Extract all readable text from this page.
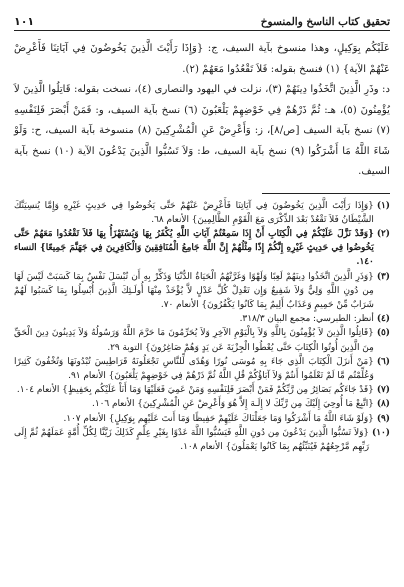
تحقيق كتاب الناسخ والمنسوخ
١٠١

عَلَيْكُم بِوَكِيلٍ، وهذا منسوخ بآية السيف، ج: {وَإِذَا رَأَيْتَ الَّذِينَ يَخُوضُونَ فِي آيَاتِنَا فَأَعْرِضْ عَنْهُمْ الآية} (١) فنسخ بقوله: فَلاَ تَقْعُدُوا مَعَهُمْ (٢).

د: وذَرِ الَّذِينَ اتَّخَذُوا دِينَهُمْ (٣)، نزلت في اليهود والنصارى (٤)، نسخت بقوله: قَاتِلُوا الَّذِينَ لاَ يُؤْمِنُونَ (٥)، هـ: ثُمَّ ذَرْهُمْ فِي خَوْضِهِمْ يَلْعَبُونَ (٦) نسخ بآية السيف، و: فَمَنْ أَبْصَرَ فَلِنَفْسِهِ (٧) نسخ بآية السيف [ص/٨]، ز: وَأَعْرِضْ عَنِ الْمُشْرِكِينَ (٨) منسوخة بآية السيف، ح: وَلَوْ شَاءَ اللَّهُ مَا أَشْرَكُوا (٩) نسخ بآية السيف، ط: وَلاَ تَسُبُّوا الَّذِينَ يَدْعُونَ الآية (١٠) نسخ بآية السيف.

(١)
{وَإِذَا رَأَيْتَ الَّذِينَ يَخُوضُونَ فِي آيَاتِنَا فَأَعْرِضْ عَنْهُمْ حَتَّى يَخُوضُوا فِي حَدِيثٍ غَيْرِهِ وَإِمَّا يُنسِيَنَّكَ الشَّيْطَانُ فَلاَ تَقْعُدْ بَعْدَ الذِّكْرَى مَعَ الْقَوْمِ الظَّالِمِينَ} الأنعام ٦٨.
(٢)
{وَقَدْ نَزَّلَ عَلَيْكُمْ فِي الْكِتَابِ أَنْ إِذَا سَمِعْتُمْ آيَاتِ اللَّهِ يُكْفَرُ بِهَا وَيُسْتَهْزَأُ بِهَا فَلاَ تَقْعُدُوا مَعَهُمْ حَتَّى يَخُوضُوا فِي حَدِيثٍ غَيْرِهِ إِنَّكُمْ إِذًا مِثْلُهُمْ إِنَّ اللَّهَ جَامِعُ الْمُنَافِقِينَ وَالْكَافِرِينَ فِي جَهَنَّمَ جَمِيعًا} النساء ١٤٠.
(٣)
{وَذَرِ الَّذِينَ اتَّخَذُوا دِينَهُمْ لَعِبًا وَلَهْوًا وَغَرَّتْهُمُ الْحَيَاةُ الدُّنْيَا وَذَكِّرْ بِهِ أَن تُبْسَلَ نَفْسٌ بِمَا كَسَبَتْ لَيْسَ لَهَا مِن دُونِ اللَّهِ وَلِيٌّ وَلاَ شَفِيعٌ وَإِن تَعْدِلْ كُلَّ عَدْلٍ لاَّ يُؤْخَذْ مِنْهَا أُولَـئِكَ الَّذِينَ أُبْسِلُوا بِمَا كَسَبُوا لَهُمْ شَرَابٌ مِّنْ حَمِيمٍ وَعَذَابٌ أَلِيمٌ بِمَا كَانُوا يَكْفُرُونَ} الأنعام ٧٠.
(٤)
أنظر: الطبرسي: مجمع البيان ٣١٨/٣.
(٥)
{قَاتِلُوا الَّذِينَ لاَ يُؤْمِنُونَ بِاللَّهِ وَلاَ بِالْيَوْمِ الآخِرِ وَلاَ يُحَرِّمُونَ مَا حَرَّمَ اللَّهُ وَرَسُولُهُ وَلاَ يَدِينُونَ دِينَ الْحَقِّ مِنَ الَّذِينَ أُوتُوا الْكِتَابَ حَتَّى يُعْطُوا الْجِزْيَةَ عَن يَدٍ وَهُمْ صَاغِرُونَ} التوبة ٢٩.
(٦)
{مَنْ أَنزَلَ الْكِتَابَ الَّذِي جَاءَ بِهِ مُوسَى نُورًا وَهُدًى لِّلنَّاسِ تَجْعَلُونَهُ قَرَاطِيسَ تُبْدُونَهَا وَتُخْفُونَ كَثِيرًا وَعُلِّمْتُم مَّا لَمْ تَعْلَمُوا أَنتُمْ وَلاَ آبَاؤُكُمْ قُلِ اللَّهُ ثُمَّ ذَرْهُمْ فِي خَوْضِهِمْ يَلْعَبُونَ} الأنعام ٩١.
(٧)
{قَدْ جَاءَكُم بَصَائِرُ مِن رَّبِّكُمْ فَمَنْ أَبْصَرَ فَلِنَفْسِهِ وَمَنْ عَمِيَ فَعَلَيْهَا وَمَا أَنَاْ عَلَيْكُم بِحَفِيظٍ} الأنعام ١٠٤.
(٨)
{اتَّبِعْ مَا أُوحِيَ إِلَيْكَ مِن رَّبِّكَ لا إِلَـهَ إِلاَّ هُوَ وَأَعْرِضْ عَنِ الْمُشْرِكِينَ} الأنعام ١٠٦.
(٩)
{وَلَوْ شَاءَ اللَّهُ مَا أَشْرَكُوا وَمَا جَعَلْنَاكَ عَلَيْهِمْ حَفِيظًا وَمَا أَنتَ عَلَيْهِم بِوَكِيلٍ} الأنعام ١٠٧.
(١٠)
{وَلاَ تَسُبُّوا الَّذِينَ يَدْعُونَ مِن دُونِ اللَّهِ فَيَسُبُّوا اللَّهَ عَدْوًا بِغَيْرِ عِلْمٍ كَذَلِكَ زَيَّنَّا لِكُلِّ أُمَّةٍ عَمَلَهُمْ ثُمَّ إِلَى رَبِّهِم مَّرْجِعُهُمْ فَيُنَبِّئُهُم بِمَا كَانُوا يَعْمَلُونَ} الأنعام ١٠٨.
